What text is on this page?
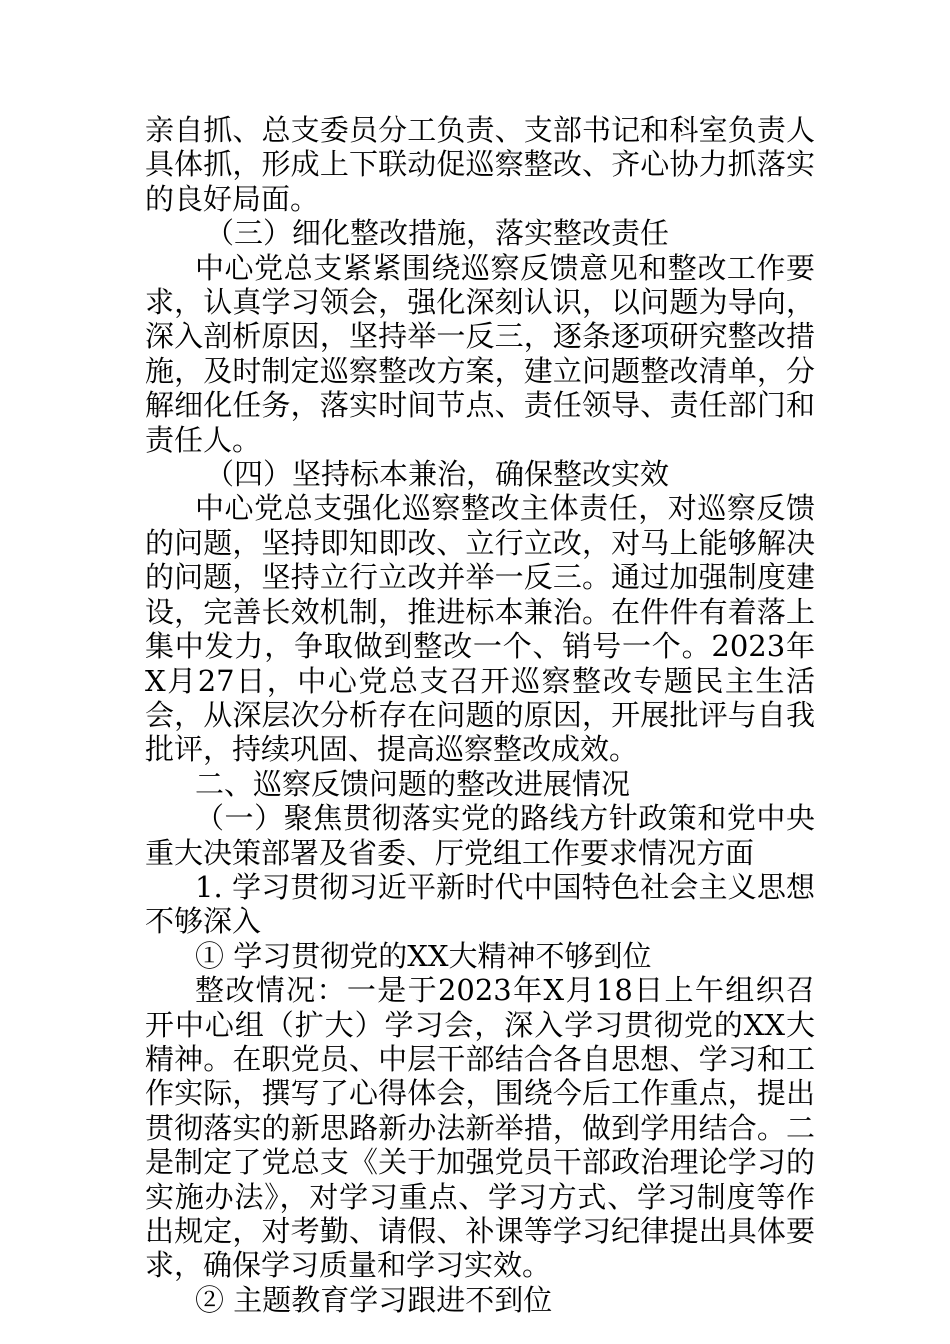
亲自抓、总支委员分工负责、支部书记和科室负责人具体抓，形成上下联动促巡察整改、齐心协力抓落实的良好局面。

（三）细化整改措施，落实整改责任

中心党总支紧紧围绕巡察反馈意见和整改工作要求，认真学习领会，强化深刻认识，以问题为导向，深入剖析原因，坚持举一反三，逐条逐项研究整改措施，及时制定巡察整改方案，建立问题整改清单，分解细化任务，落实时间节点、责任领导、责任部门和责任人。

（四）坚持标本兼治，确保整改实效

中心党总支强化巡察整改主体责任，对巡察反馈的问题，坚持即知即改、立行立改，对马上能够解决的问题，坚持立行立改并举一反三。通过加强制度建设，完善长效机制，推进标本兼治。在件件有着落上集中发力，争取做到整改一个、销号一个。2023年X月27日，中心党总支召开巡察整改专题民主生活会，从深层次分析存在问题的原因，开展批评与自我批评，持续巩固、提高巡察整改成效。

二、巡察反馈问题的整改进展情况

（一）聚焦贯彻落实党的路线方针政策和党中央重大决策部署及省委、厅党组工作要求情况方面

1. 学习贯彻习近平新时代中国特色社会主义思想不够深入

① 学习贯彻党的XX大精神不够到位

整改情况：一是于2023年X月18日上午组织召开中心组（扩大）学习会，深入学习贯彻党的XX大精神。在职党员、中层干部结合各自思想、学习和工作实际，撰写了心得体会，围绕今后工作重点，提出贯彻落实的新思路新办法新举措，做到学用结合。二是制定了党总支《关于加强党员干部政治理论学习的实施办法》，对学习重点、学习方式、学习制度等作出规定，对考勤、请假、补课等学习纪律提出具体要求，确保学习质量和学习实效。

② 主题教育学习跟进不到位
